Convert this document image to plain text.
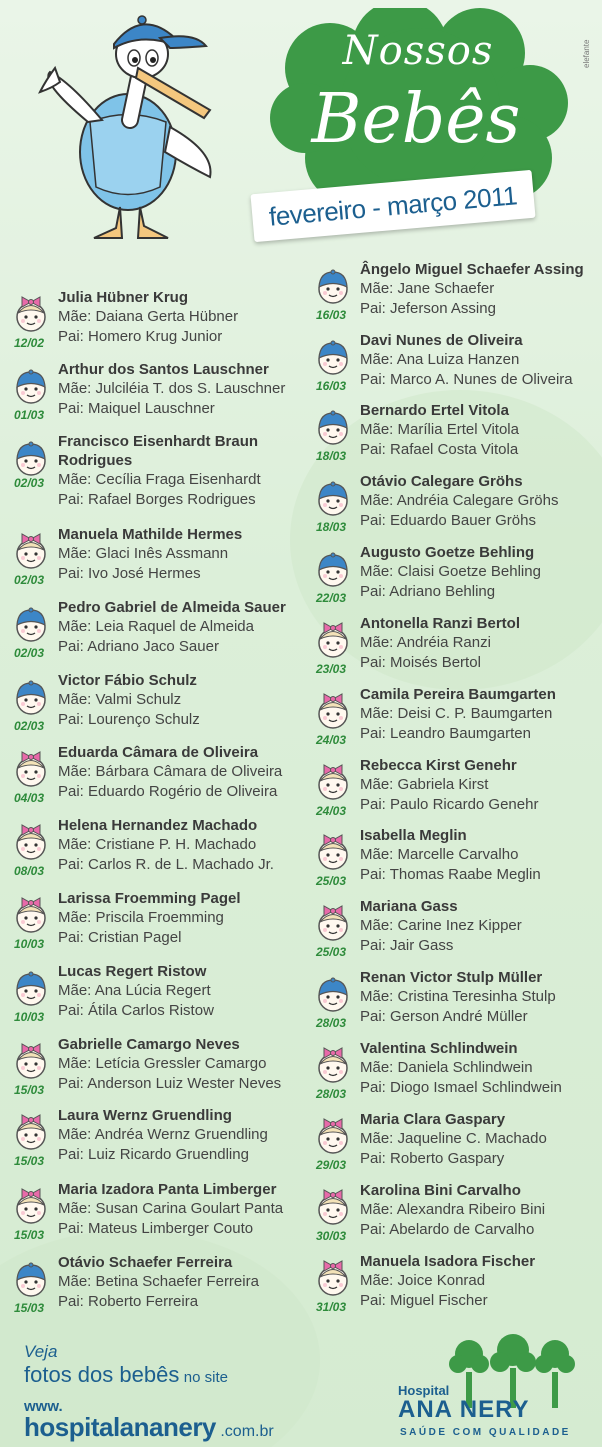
Nossos
Bebês
fevereiro - março 2011
elefante
12/02
Julia Hübner Krug
Mãe: Daiana Gerta Hübner
Pai: Homero Krug Junior
01/03
Arthur dos Santos Lauschner
Mãe: Julciléia T. dos S. Lauschner
Pai: Maiquel Lauschner
02/03
Francisco Eisenhardt Braun Rodrigues
Mãe: Cecília Fraga Eisenhardt
Pai: Rafael Borges Rodrigues
02/03
Manuela Mathilde Hermes
Mãe: Glaci Inês Assmann
Pai: Ivo José Hermes
02/03
Pedro Gabriel de Almeida Sauer
Mãe: Leia Raquel de Almeida
Pai: Adriano Jaco Sauer
02/03
Victor Fábio Schulz
Mãe: Valmi Schulz
Pai: Lourenço Schulz
04/03
Eduarda Câmara de Oliveira
Mãe: Bárbara Câmara de Oliveira
Pai: Eduardo Rogério de Oliveira
08/03
Helena Hernandez Machado
Mãe: Cristiane P. H. Machado
Pai: Carlos R. de L. Machado Jr.
10/03
Larissa Froemming Pagel
Mãe: Priscila Froemming
Pai: Cristian Pagel
10/03
Lucas Regert Ristow
Mãe: Ana Lúcia Regert
Pai: Átila Carlos Ristow
15/03
Gabrielle Camargo Neves
Mãe: Letícia Gressler Camargo
Pai: Anderson Luiz Wester Neves
15/03
Laura Wernz Gruendling
Mãe: Andréa Wernz Gruendling
Pai: Luiz Ricardo Gruendling
15/03
Maria Izadora Panta Limberger
Mãe: Susan Carina Goulart Panta
Pai: Mateus Limberger Couto
15/03
Otávio Schaefer Ferreira
Mãe: Betina Schaefer Ferreira
Pai: Roberto Ferreira
16/03
Ângelo Miguel Schaefer Assing
Mãe: Jane Schaefer
Pai: Jeferson Assing
16/03
Davi Nunes de Oliveira
Mãe: Ana Luiza Hanzen
Pai: Marco A. Nunes de Oliveira
18/03
Bernardo Ertel Vitola
Mãe: Marília Ertel Vitola
Pai: Rafael Costa Vitola
18/03
Otávio Calegare Gröhs
Mãe: Andréia Calegare Gröhs
Pai: Eduardo Bauer Gröhs
22/03
Augusto Goetze Behling
Mãe: Claisi Goetze Behling
Pai: Adriano Behling
23/03
Antonella Ranzi Bertol
Mãe: Andréia Ranzi
Pai: Moisés Bertol
24/03
Camila Pereira Baumgarten
Mãe: Deisi C. P. Baumgarten
Pai: Leandro Baumgarten
24/03
Rebecca Kirst Genehr
Mãe: Gabriela Kirst
Pai: Paulo Ricardo Genehr
25/03
Isabella Meglin
Mãe: Marcelle Carvalho
Pai: Thomas Raabe Meglin
25/03
Mariana Gass
Mãe: Carine Inez Kipper
Pai: Jair Gass
28/03
Renan Victor Stulp Müller
Mãe: Cristina Teresinha Stulp
Pai: Gerson André Müller
28/03
Valentina Schlindwein
Mãe: Daniela Schlindwein
Pai: Diogo Ismael Schlindwein
29/03
Maria Clara Gaspary
Mãe: Jaqueline C. Machado
Pai: Roberto Gaspary
30/03
Karolina Bini Carvalho
Mãe: Alexandra Ribeiro Bini
Pai: Abelardo de Carvalho
31/03
Manuela Isadora Fischer
Mãe: Joice Konrad
Pai: Miguel Fischer
Veja
fotos dos bebês no site
www.
hospitalananery .com.br
Hospital
ANA NERY
SAÚDE COM QUALIDADE
